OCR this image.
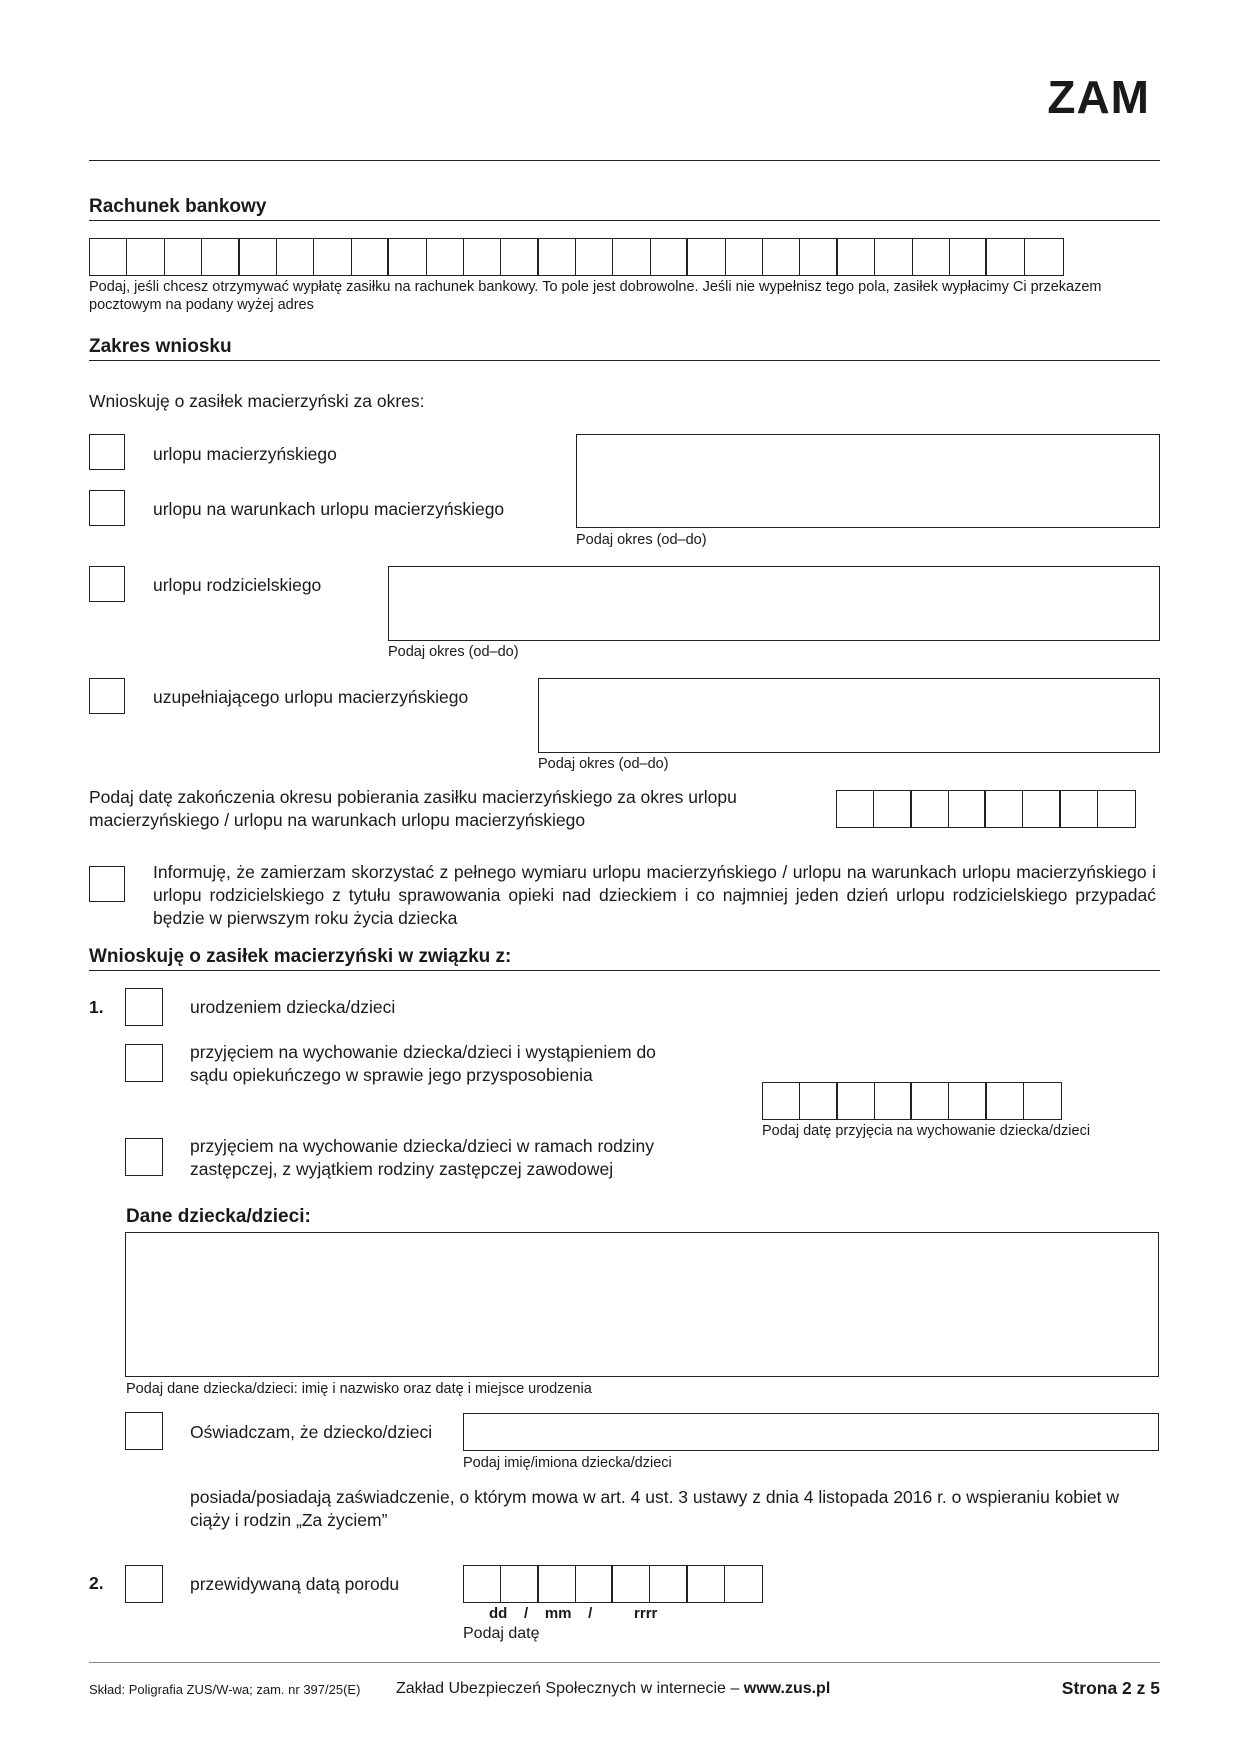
ZAM
Rachunek bankowy
Podaj, jeśli chcesz otrzymywać wypłatę zasiłku na rachunek bankowy. To pole jest dobrowolne. Jeśli nie wypełnisz tego pola, zasiłek wypłacimy Ci przekazem pocztowym na podany wyżej adres
Zakres wniosku
Wnioskuję o zasiłek macierzyński za okres:
urlopu macierzyńskiego
urlopu na warunkach urlopu macierzyńskiego
Podaj okres (od–do)
urlopu rodzicielskiego
Podaj okres (od–do)
uzupełniającego urlopu macierzyńskiego
Podaj okres (od–do)
Podaj datę zakończenia okresu pobierania zasiłku macierzyńskiego za okres urlopu macierzyńskiego / urlopu na warunkach urlopu macierzyńskiego
Informuję, że zamierzam skorzystać z pełnego wymiaru urlopu macierzyńskiego / urlopu na warunkach urlopu macierzyńskiego i urlopu rodzicielskiego z tytułu sprawowania opieki nad dzieckiem i co najmniej jeden dzień urlopu rodzicielskiego przypadać będzie w pierwszym roku życia dziecka
Wnioskuję o zasiłek macierzyński w związku z:
1.	urodzeniem dziecka/dzieci
przyjęciem na wychowanie dziecka/dzieci i wystąpieniem do sądu opiekuńczego w sprawie jego przysposobienia
Podaj datę przyjęcia na wychowanie dziecka/dzieci
przyjęciem na wychowanie dziecka/dzieci w ramach rodziny zastępczej, z wyjątkiem rodziny zastępczej zawodowej
Dane dziecka/dzieci:
Podaj dane dziecka/dzieci: imię i nazwisko oraz datę i miejsce urodzenia
Oświadczam, że dziecko/dzieci
Podaj imię/imiona dziecka/dzieci
posiada/posiadają zaświadczenie, o którym mowa w art. 4 ust. 3 ustawy z dnia 4 listopada 2016 r. o wspieraniu kobiet w ciąży i rodzin „Za życiem”
2.	przewidywaną datą porodu
dd    /    mm    /          rrrr
Podaj datę
Skład: Poligrafia ZUS/W-wa; zam. nr 397/25(E) Zakład Ubezpieczeń Społecznych w internecie – www.zus.pl	Strona 2 z 5
